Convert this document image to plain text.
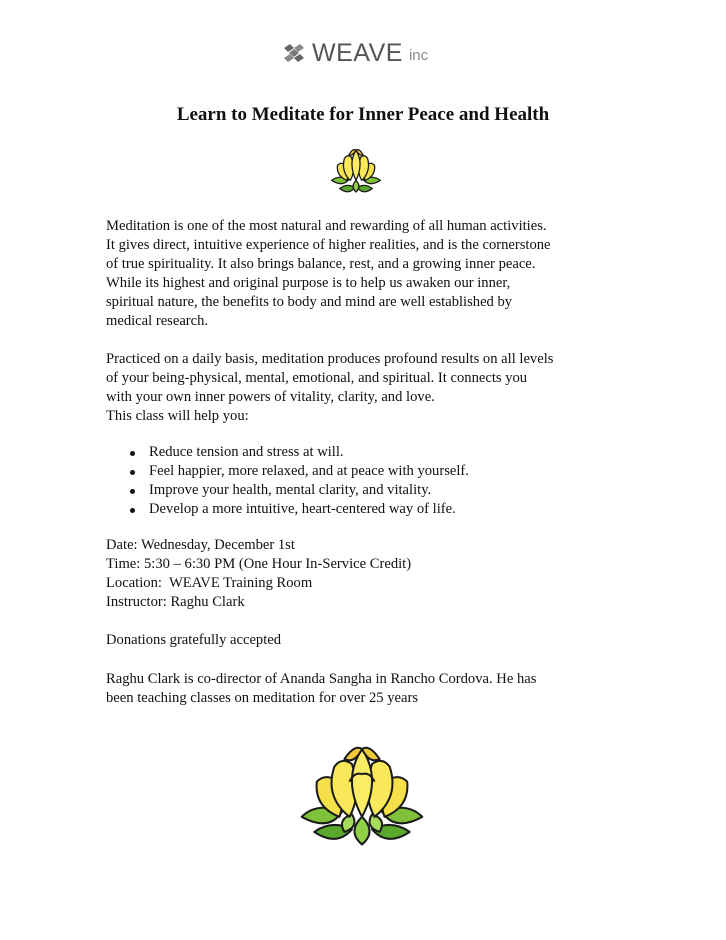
WEAVE inc
Learn to Meditate for Inner Peace and Health
Meditation is one of the most natural and rewarding of all human activities.
It gives direct, intuitive experience of higher realities, and is the cornerstone
of true spirituality. It also brings balance, rest, and a growing inner peace.
While its highest and original purpose is to help us awaken our inner,
spiritual nature, the benefits to body and mind are well established by
medical research.
Practiced on a daily basis, meditation produces profound results on all levels
of your being-physical, mental, emotional, and spiritual. It connects you
with your own inner powers of vitality, clarity, and love.
This class will help you:
Reduce tension and stress at will.
Feel happier, more relaxed, and at peace with yourself.
Improve your health, mental clarity, and vitality.
Develop a more intuitive, heart-centered way of life.
Date: Wednesday, December 1st
Time: 5:30 – 6:30 PM (One Hour In-Service Credit)
Location:  WEAVE Training Room
Instructor: Raghu Clark
Donations gratefully accepted
Raghu Clark is co-director of Ananda Sangha in Rancho Cordova. He has
been teaching classes on meditation for over 25 years
